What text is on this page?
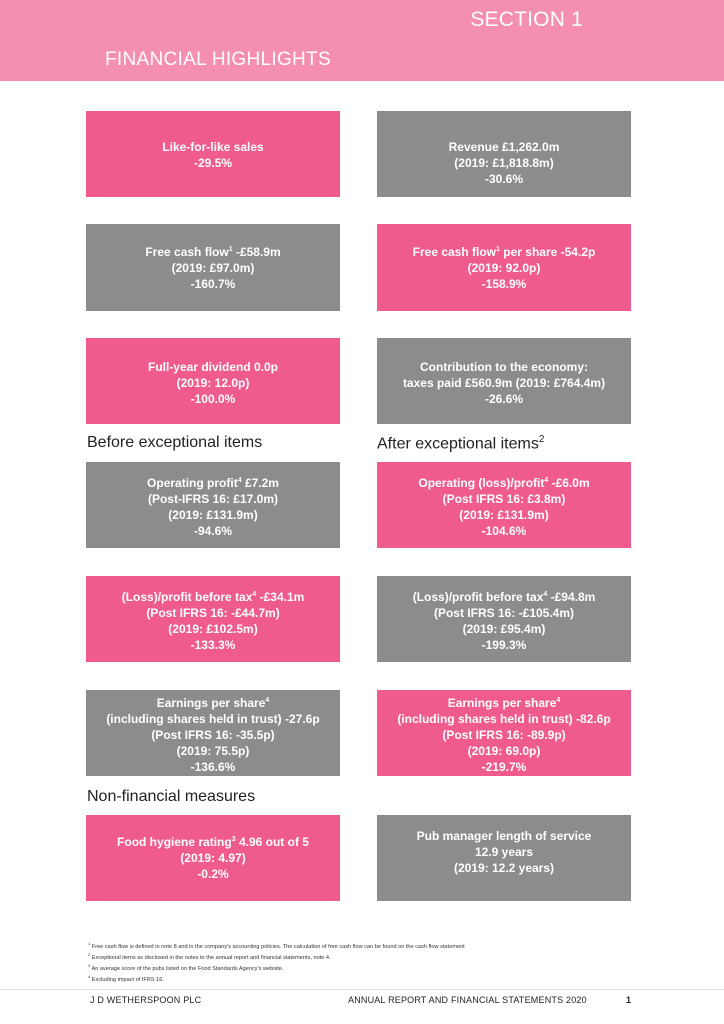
SECTION 1
FINANCIAL HIGHLIGHTS
Like-for-like sales
-29.5%
Revenue £1,262.0m
(2019: £1,818.8m)
-30.6%
Free cash flow$^1$ -£58.9m
(2019: £97.0m)
-160.7%
Free cash flow$^1$ per share -54.2p
(2019: 92.0p)
-158.9%
Full-year dividend 0.0p
(2019: 12.0p)
-100.0%
Contribution to the economy:
taxes paid £560.9m (2019: £764.4m)
-26.6%
Before exceptional items	After exceptional items$^2$
Operating profit$^4$ £7.2m
(Post-IFRS 16: £17.0m)
(2019: £131.9m)
-94.6%
Operating (loss)/profit$^4$ -£6.0m
(Post IFRS 16: £3.8m)
(2019: £131.9m)
-104.6%
(Loss)/profit before tax$^4$ -£34.1m
(Post IFRS 16: -£44.7m)
(2019: £102.5m)
-133.3%
(Loss)/profit before tax$^4$ -£94.8m
(Post IFRS 16: -£105.4m)
(2019: £95.4m)
-199.3%
Earnings per share$^4$
(including shares held in trust) -27.6p
(Post IFRS 16: -35.5p)
(2019: 75.5p)
-136.6%
Earnings per share$^4$
(including shares held in trust) -82.6p
(Post IFRS 16: -89.9p)
(2019: 69.0p)
-219.7%
Non-financial measures
Food hygiene rating$^3$ 4.96 out of 5
(2019: 4.97)
-0.2%
Pub manager length of service
12.9 years
(2019: 12.2 years)
$^1$ Free cash flow is defined in note 8 and in the company's accounting policies. The calculation of free cash flow can be found on the cash flow statement
$^2$ Exceptional items as disclosed in the notes to the annual report and financial statements, note 4.
$^3$ An average score of the pubs listed on the Food Standards Agency's website.
$^4$ Excluding impact of IFRS 16.
J D WETHERSPOON PLC	ANNUAL REPORT AND FINANCIAL STATEMENTS 2020	1
